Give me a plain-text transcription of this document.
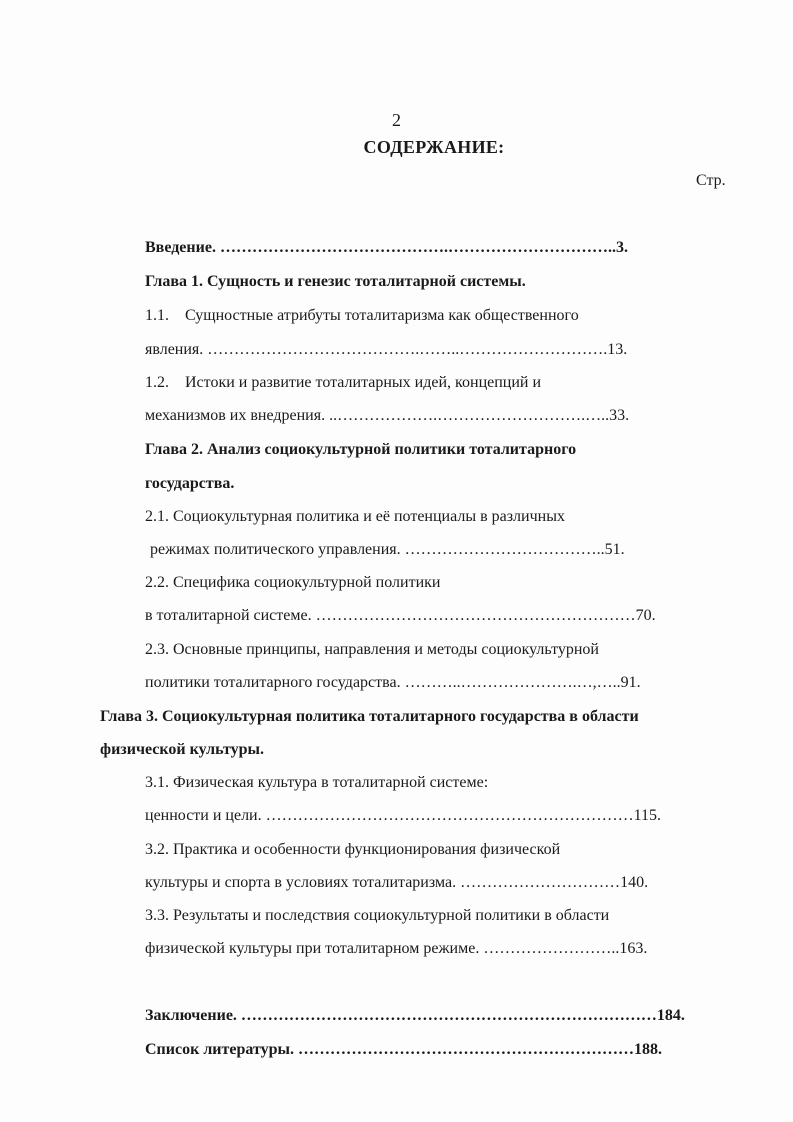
2
СОДЕРЖАНИЕ:
Стр.
Введение. …………………………………….…………………………..3.
Глава 1. Сущность и генезис тоталитарной системы.
1.1. Сущностные атрибуты тоталитаризма как общественного
явления. ………………………………….……..……………………….13.
1.2. Истоки и развитие тоталитарных идей, концепций и
механизмов их внедрения. ..……………….……………………….…..33.
Глава 2. Анализ социокультурной политики тоталитарного
государства.
2.1. Социокультурная политика и её потенциалы в различных
режимах политического управления. ………………………………..51.
2.2. Специфика социокультурной политики
в тоталитарной системе. ……………………………………………………70.
2.3. Основные принципы, направления и методы социокультурной
политики тоталитарного государства. ………..………………….…,…..91.
Глава 3. Социокультурная политика тоталитарного государства в области
физической культуры.
3.1. Физическая культура в тоталитарной системе:
ценности и цели. ……………………………………………………………115.
3.2. Практика и особенности функционирования физической
культуры и спорта в условиях тоталитаризма. …………………………140.
3.3. Результаты и последствия социокультурной политики в области
физической культуры при тоталитарном режиме. ……………………..163.
Заключение. ……………………………………………………………………184.
Список литературы. ………………………………………………………188.
